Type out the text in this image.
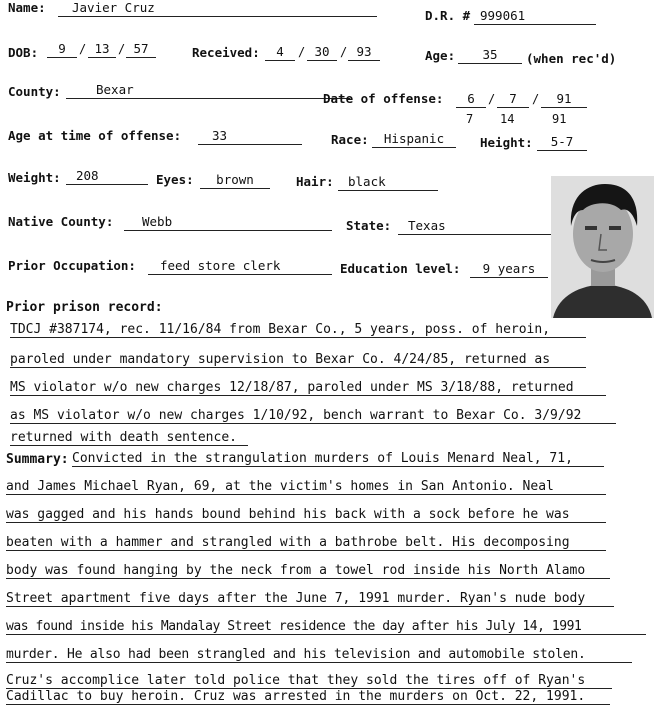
Name:	Javier Cruz
D.R. # 999061
DOB:	9	/ 13 / 57	Received:	4	/ 30 / 93	Age:	35	(when rec'd)
County:	Bexar
Date of offense:	6	/	7	/	91
7 14	91
Age at time of offense:	33	Race:	Hispanic	Height:	5-7
Weight:	208	Eyes:	brown	Hair:	black
Native County:	Webb	State:	Texas
Prior Occupation:	feed store clerk	Education level:	9 years
Prior prison record:
TDCJ #387174, rec. 11/16/84 from Bexar Co., 5 years, poss. of heroin,
paroled under mandatory supervision to Bexar Co. 4/24/85, returned as
MS violator w/o new charges 12/18/87, paroled under MS 3/18/88, returned
as MS violator w/o new charges 1/10/92, bench warrant to Bexar Co. 3/9/92
returned with death sentence.
Summary: Convicted in the strangulation murders of Louis Menard Neal, 71,
and James Michael Ryan, 69, at the victim's homes in San Antonio. Neal
was gagged and his hands bound behind his back with a sock before he was
beaten with a hammer and strangled with a bathrobe belt. His decomposing
body was found hanging by the neck from a towel rod inside his North Alamo
Street apartment five days after the June 7, 1991 murder. Ryan's nude body
was found inside his Mandalay Street residence the day after his July 14, 1991
murder. He also had been strangled and his television and automobile stolen.
Cruz's accomplice later told police that they sold the tires off of Ryan's
Cadillac to buy heroin. Cruz was arrested in the murders on Oct. 22, 1991.
